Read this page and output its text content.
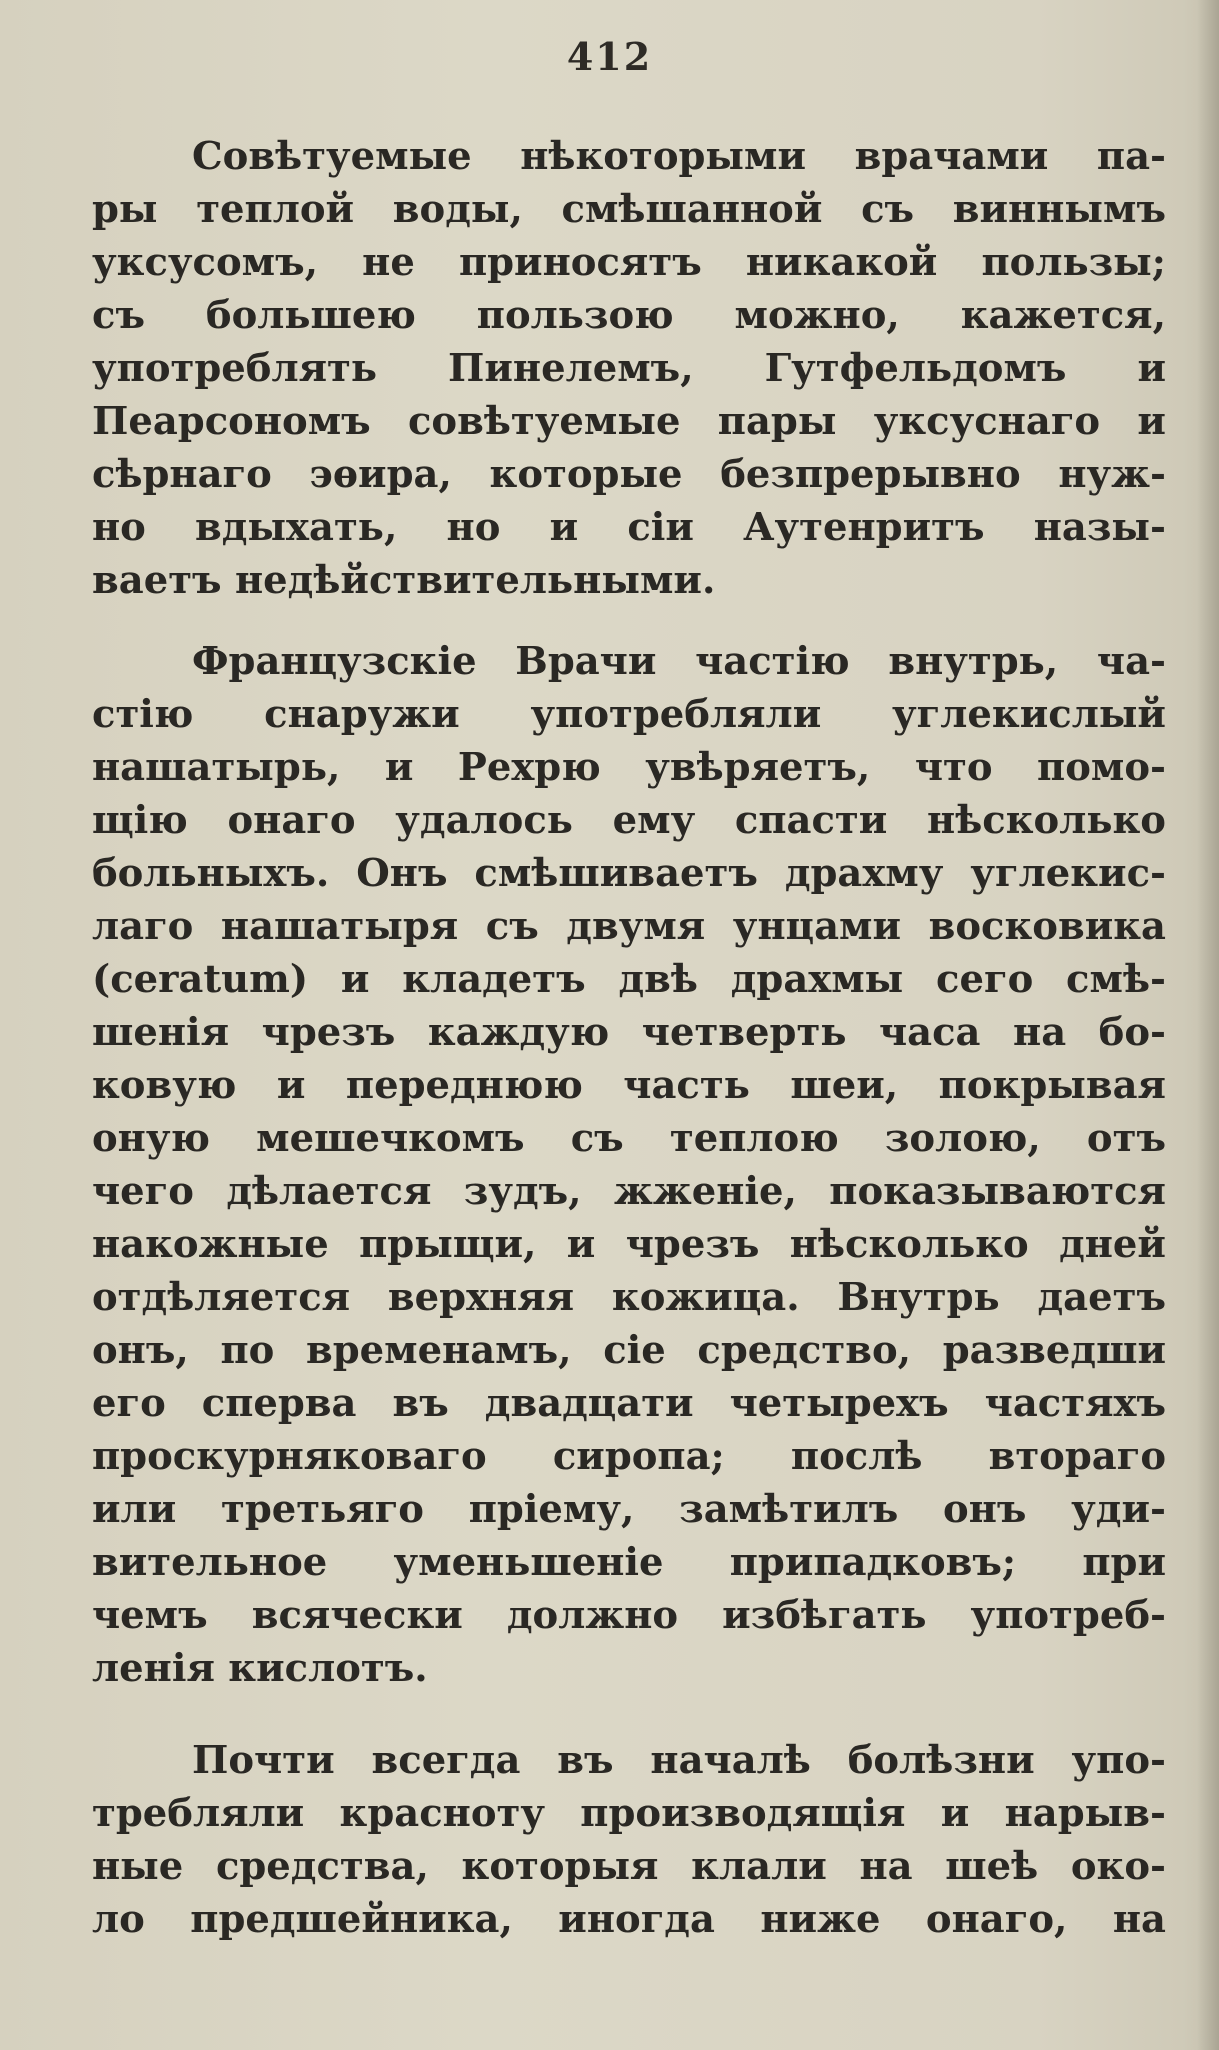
412
Совѣтуемые нѣкоторыми врачами па-
ры теплой воды, смѣшанной съ виннымъ
уксусомъ, не приносятъ никакой пользы;
съ большею пользою можно, кажется,
употреблять Пинелемъ, Гутфельдомъ и
Пеарсономъ совѣтуемые пары уксуснаго и
сѣрнаго эѳира, которые безпрерывно нуж-
но вдыхать, но и сіи Аутенритъ назы-
ваетъ недѣйствительными.
Французскіе Врачи частію внутрь, ча-
стію снаружи употребляли углекислый
нашатырь, и Рехрю увѣряетъ, что помо-
щію онаго удалось ему спасти нѣсколько
больныхъ. Онъ смѣшиваетъ драхму углекис-
лаго нашатыря съ двумя унцами восковика
(ceratum) и кладетъ двѣ драхмы сего смѣ-
шенія чрезъ каждую четверть часа на бо-
ковую и переднюю часть шеи, покрывая
оную мешечкомъ съ теплою золою, отъ
чего дѣлается зудъ, жженіе, показываются
накожные прыщи, и чрезъ нѣсколько дней
отдѣляется верхняя кожица. Внутрь даетъ
онъ, по временамъ, сіе средство, разведши
его сперва въ двадцати четырехъ частяхъ
проскурняковаго сиропа; послѣ втораго
или третьяго пріему, замѣтилъ онъ уди-
вительное уменьшеніе припадковъ; при
чемъ всячески должно избѣгать употреб-
ленія кислотъ.
Почти всегда въ началѣ болѣзни упо-
требляли красноту производящія и нарыв-
ные средства, которыя клали на шеѣ око-
ло предшейника, иногда ниже онаго, на
